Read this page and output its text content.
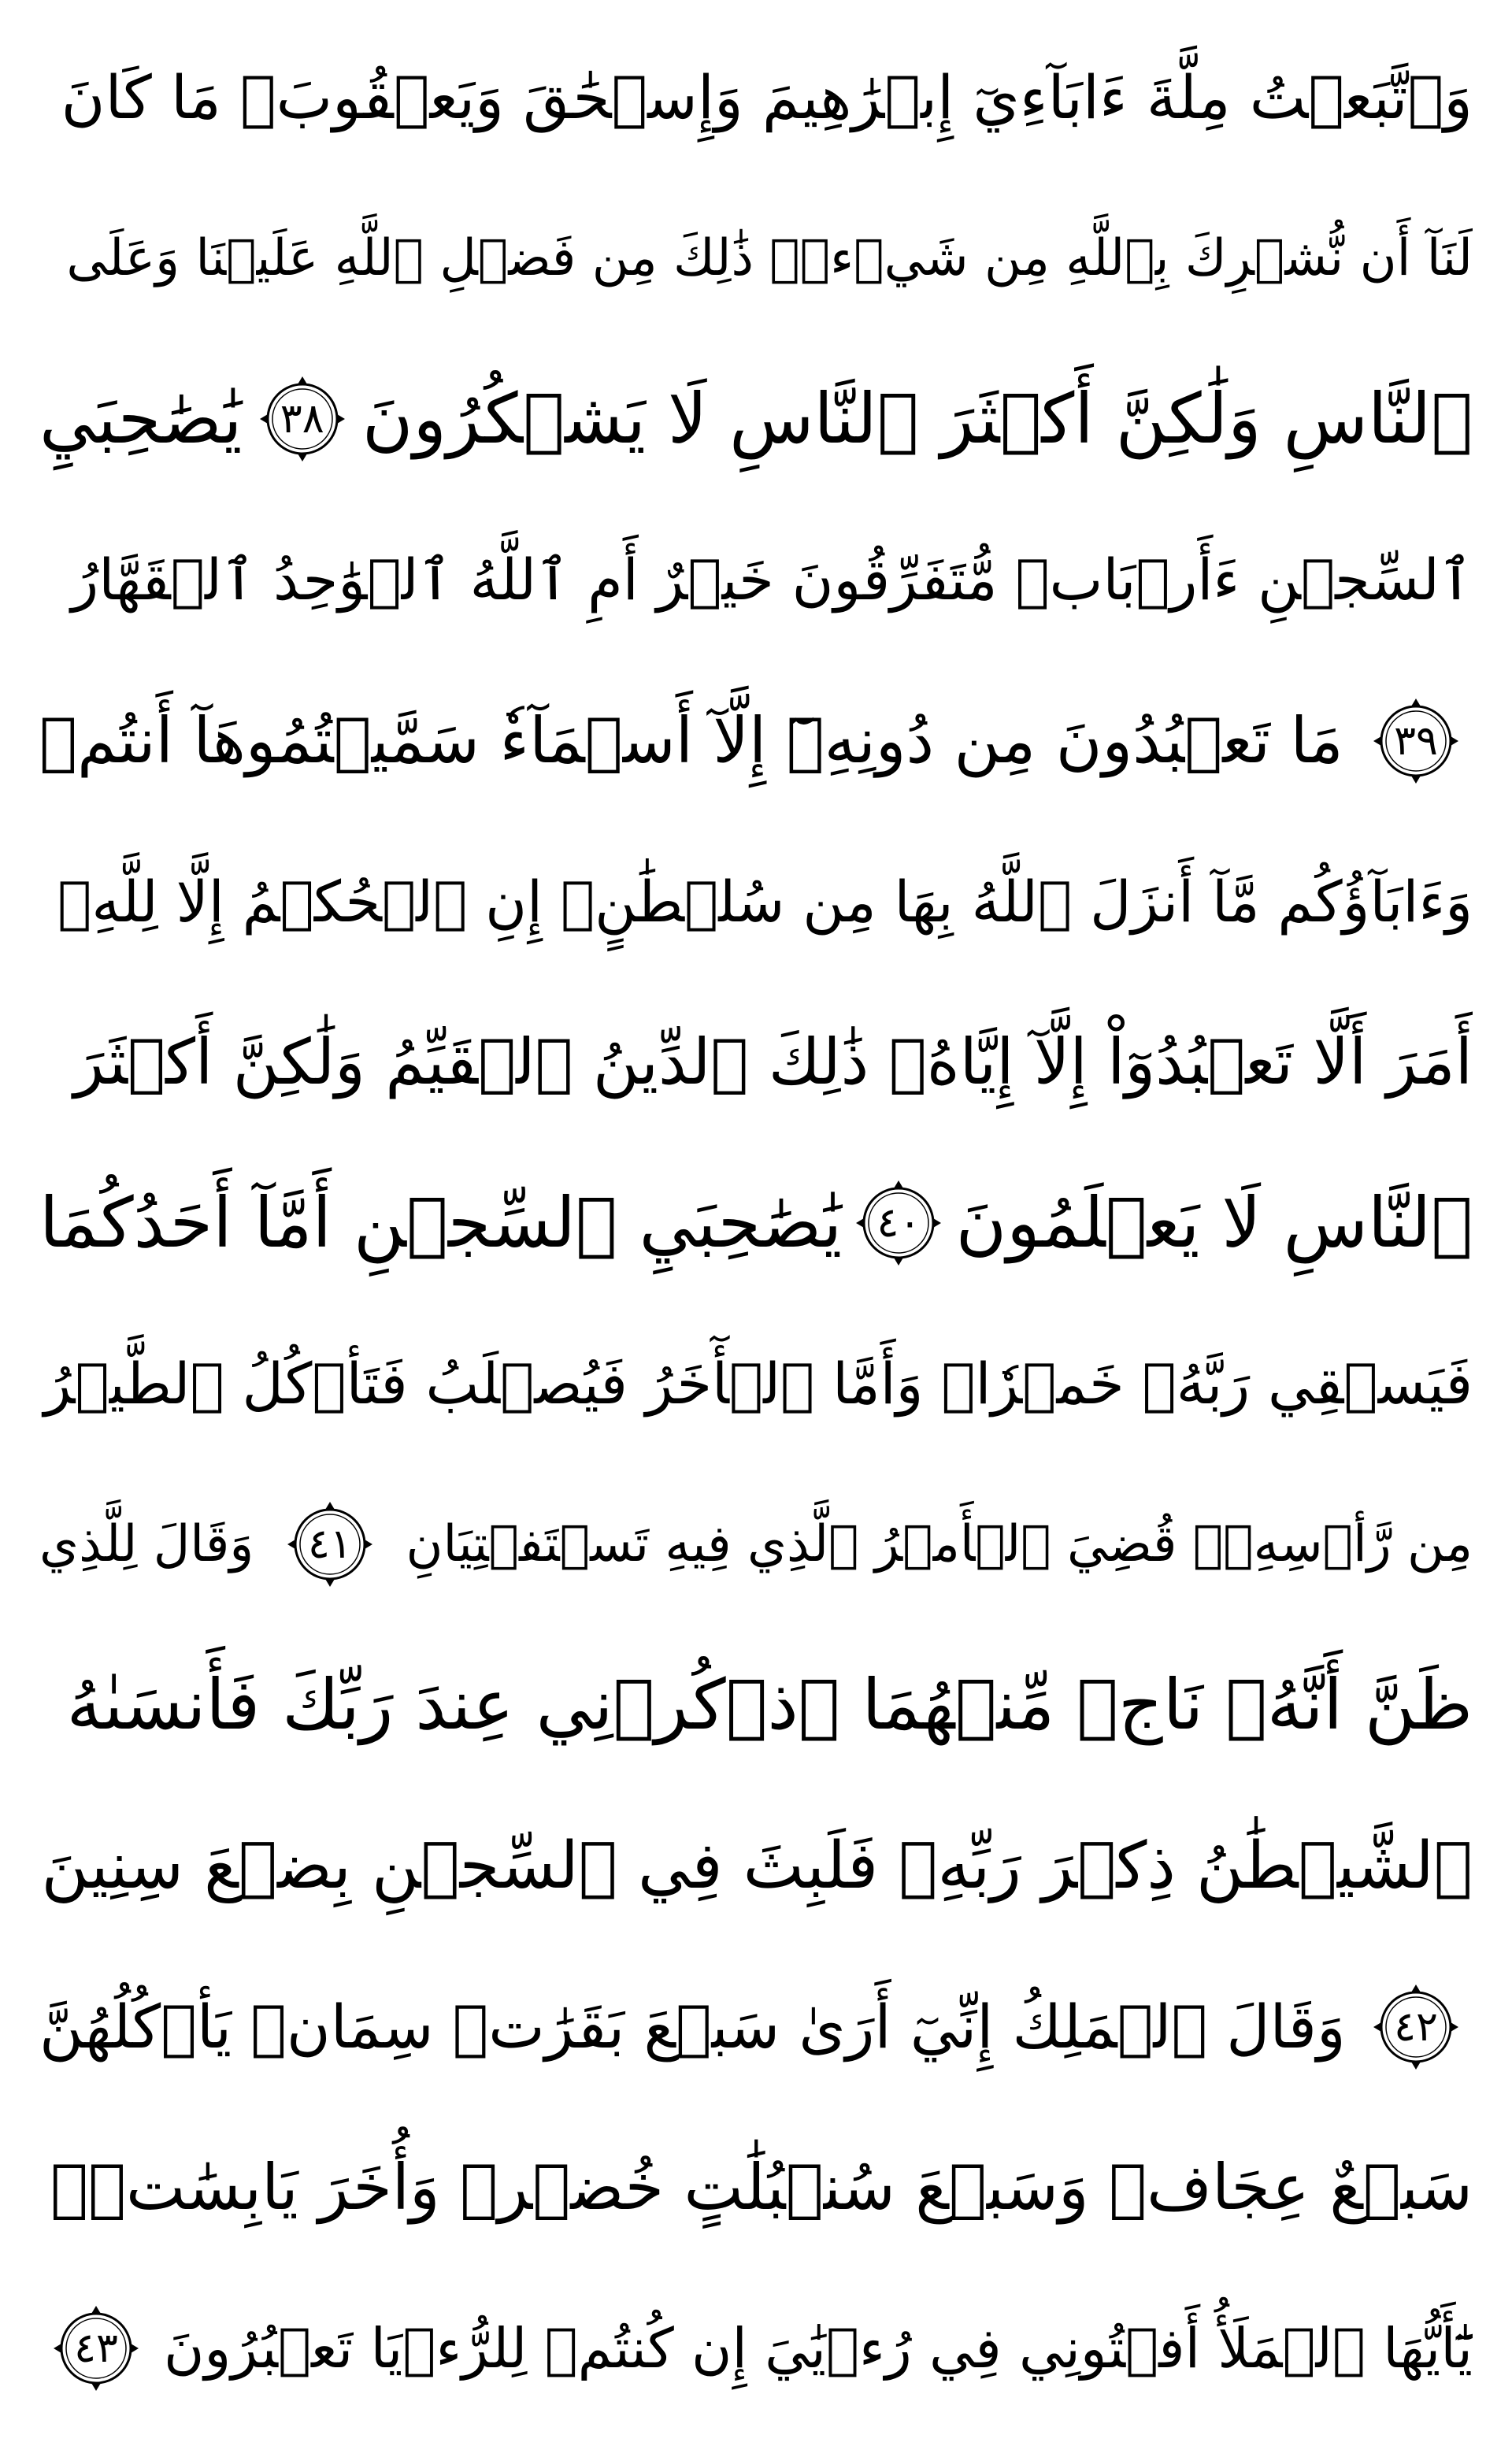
وَٱتَّبَعۡتُ مِلَّةَ ءَابَآءِيٓ إِبۡرَٰهِيمَ وَإِسۡحَٰقَ وَيَعۡقُوبَۚ مَا كَانَ
لَنَآ أَن نُّشۡرِكَ بِٱللَّهِ مِن شَيۡءٖۚ ذَٰلِكَ مِن فَضۡلِ ٱللَّهِ عَلَيۡنَا وَعَلَى
ٱلنَّاسِ وَلَٰكِنَّ أَكۡثَرَ ٱلنَّاسِ لَا يَشۡكُرُونَ
٣٨
يَٰصَٰحِبَيِ
ٱلسِّجۡنِ ءَأَرۡبَابٞ مُّتَفَرِّقُونَ خَيۡرٌ أَمِ ٱللَّهُ ٱلۡوَٰحِدُ ٱلۡقَهَّارُ
٣٩
مَا تَعۡبُدُونَ مِن دُونِهِۦٓ إِلَّآ أَسۡمَآءٗ سَمَّيۡتُمُوهَآ أَنتُمۡ
وَءَابَآؤُكُم مَّآ أَنزَلَ ٱللَّهُ بِهَا مِن سُلۡطَٰنٍۚ إِنِ ٱلۡحُكۡمُ إِلَّا لِلَّهِۚ
أَمَرَ أَلَّا تَعۡبُدُوٓاْ إِلَّآ إِيَّاهُۚ ذَٰلِكَ ٱلدِّينُ ٱلۡقَيِّمُ وَلَٰكِنَّ أَكۡثَرَ
ٱلنَّاسِ لَا يَعۡلَمُونَ
٤٠
يَٰصَٰحِبَيِ ٱلسِّجۡنِ أَمَّآ أَحَدُكُمَا
فَيَسۡقِي رَبَّهُۥ خَمۡرٗاۖ وَأَمَّا ٱلۡأٓخَرُ فَيُصۡلَبُ فَتَأۡكُلُ ٱلطَّيۡرُ
مِن رَّأۡسِهِۦۚ قُضِيَ ٱلۡأَمۡرُ ٱلَّذِي فِيهِ تَسۡتَفۡتِيَانِ
٤١
وَقَالَ لِلَّذِي
ظَنَّ أَنَّهُۥ نَاجٖ مِّنۡهُمَا ٱذۡكُرۡنِي عِندَ رَبِّكَ فَأَنسَىٰهُ
ٱلشَّيۡطَٰنُ ذِكۡرَ رَبِّهِۦ فَلَبِثَ فِي ٱلسِّجۡنِ بِضۡعَ سِنِينَ
٤٢
وَقَالَ ٱلۡمَلِكُ إِنِّيٓ أَرَىٰ سَبۡعَ بَقَرَٰتٖ سِمَانٖ يَأۡكُلُهُنَّ
سَبۡعٌ عِجَافٞ وَسَبۡعَ سُنۢبُلَٰتٍ خُضۡرٖ وَأُخَرَ يَابِسَٰتٖۖ
يَٰٓأَيُّهَا ٱلۡمَلَأُ أَفۡتُونِي فِي رُءۡيَٰيَ إِن كُنتُمۡ لِلرُّءۡيَا تَعۡبُرُونَ
٤٣
